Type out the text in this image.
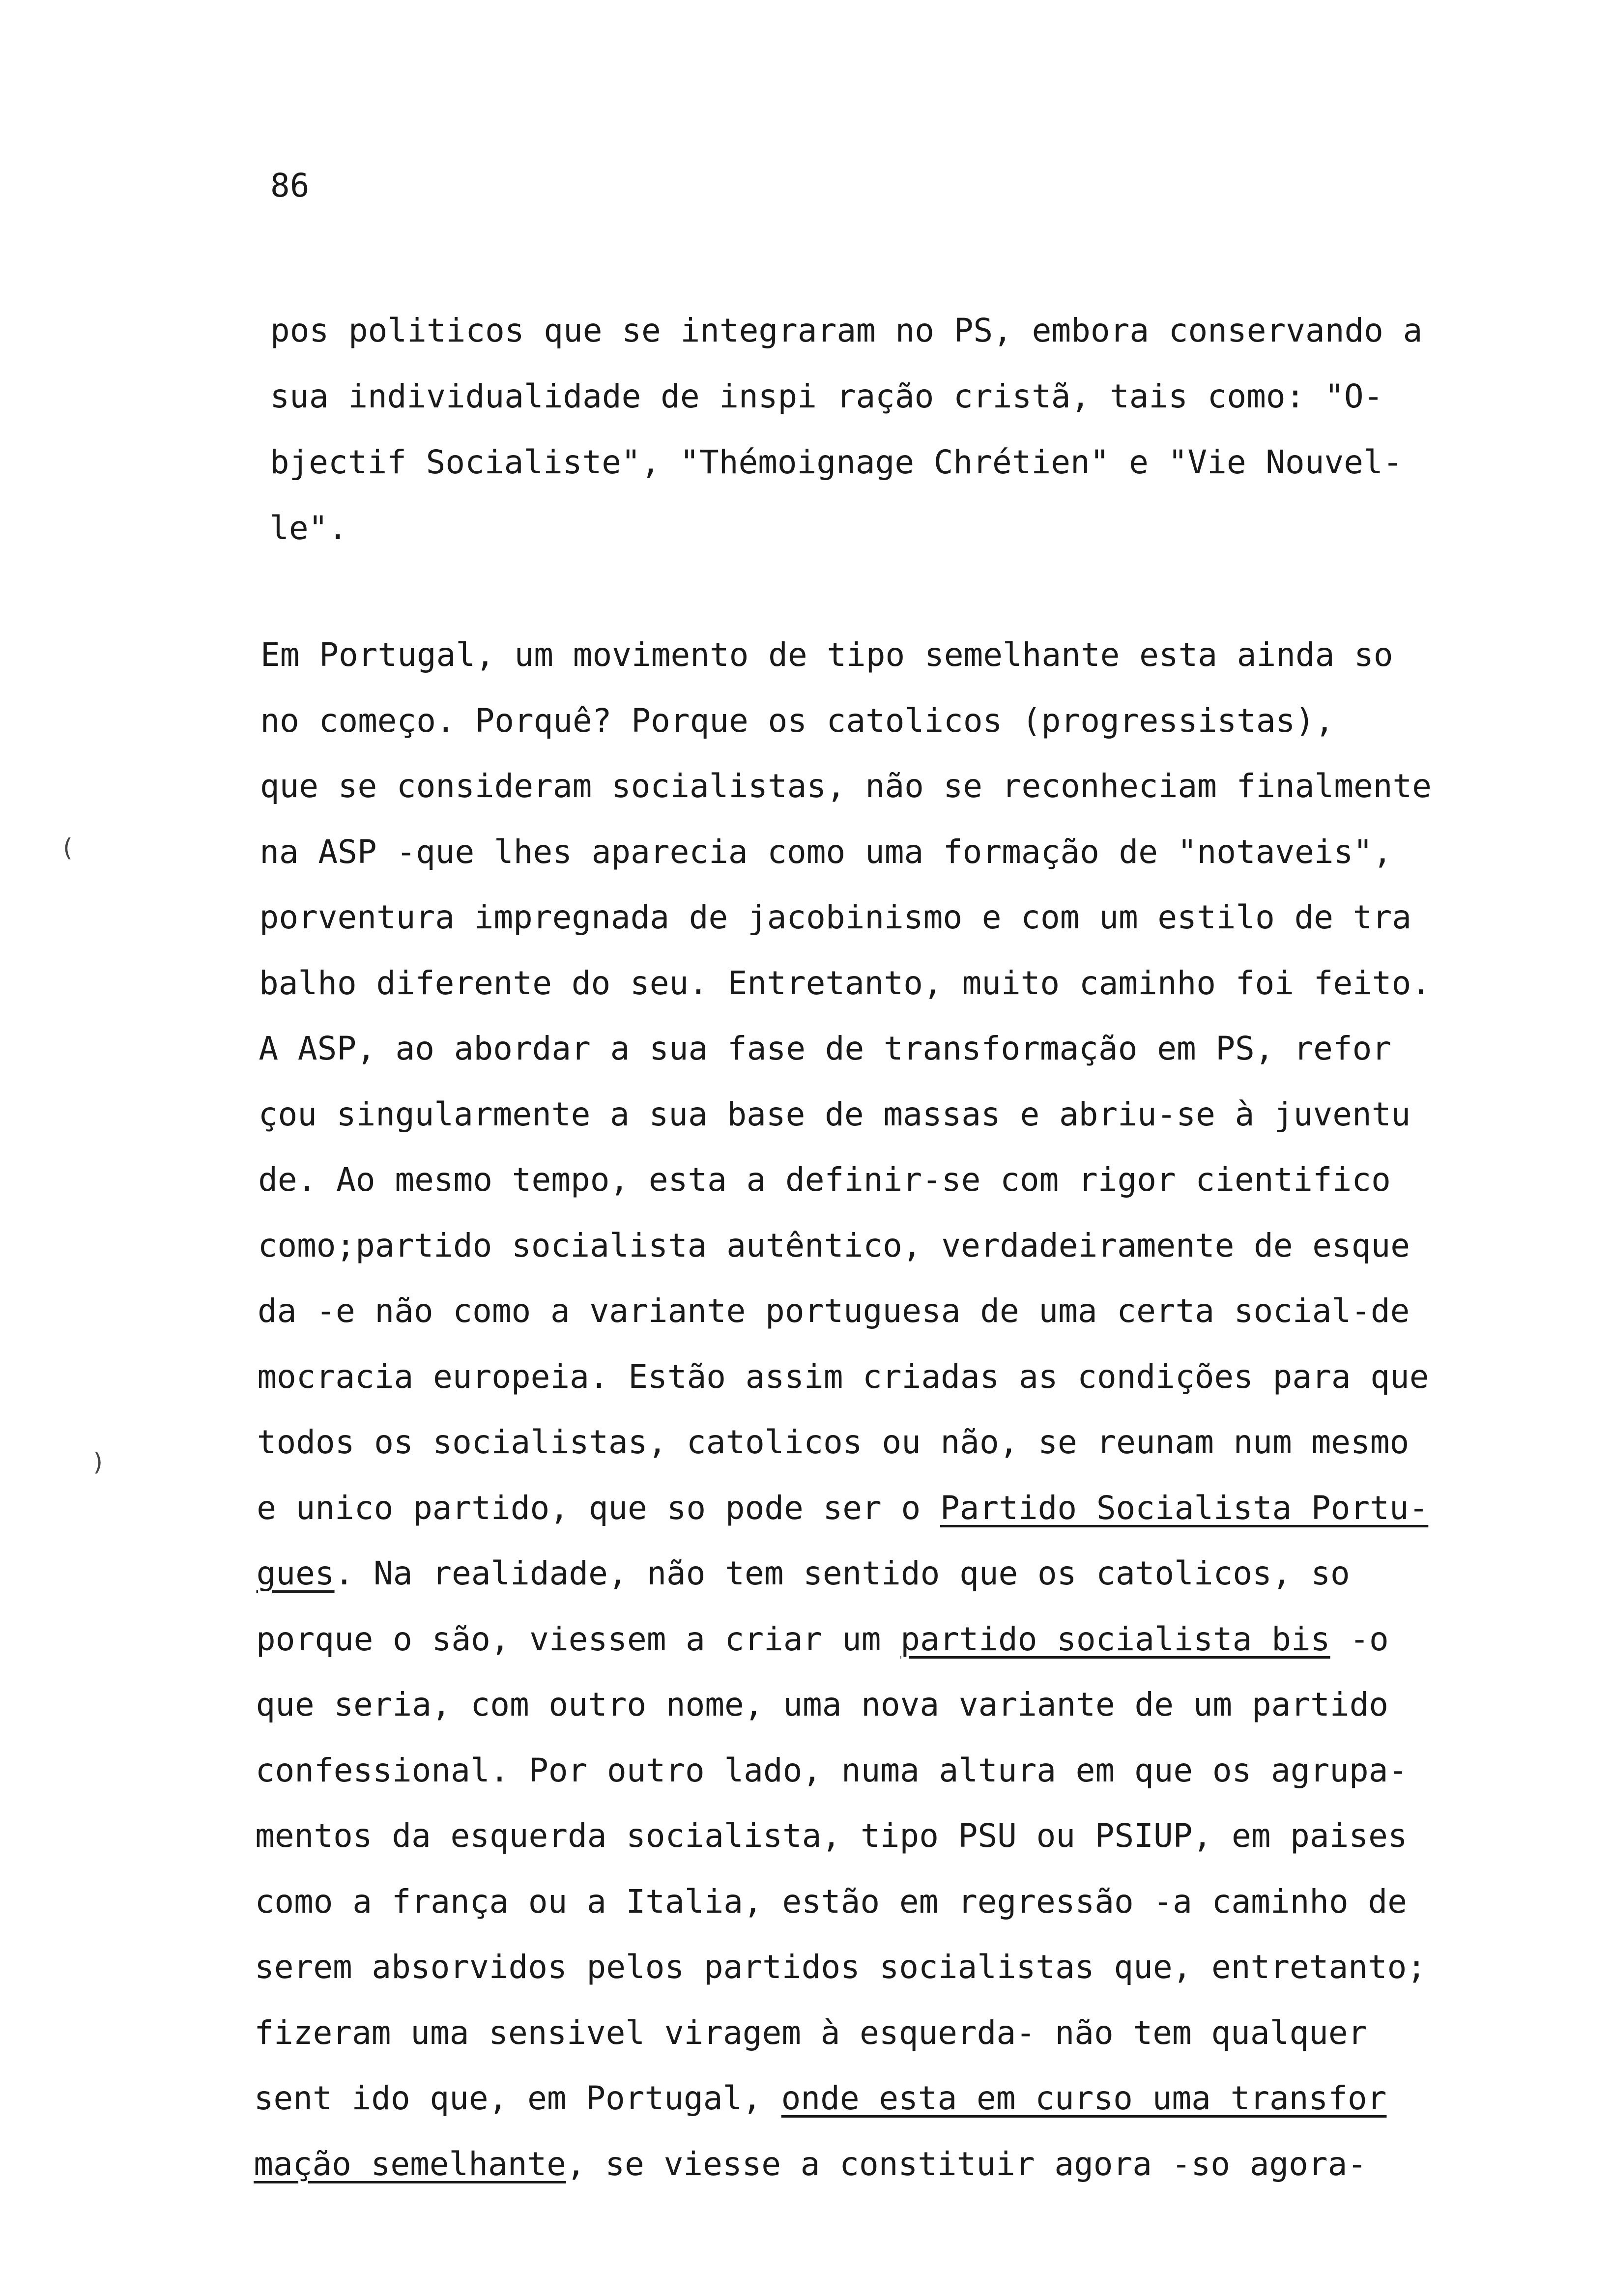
86
(
)
pos politicos que se integraram no PS, embora conservando a
sua individualidade de inspi ração cristã, tais como: "O-
bjectif Socialiste", "Thémoignage Chrétien" e "Vie Nouvel-
le".
Em Portugal, um movimento de tipo semelhante esta ainda so
no começo. Porquê? Porque os catolicos (progressistas),
que se consideram socialistas, não se reconheciam finalmente
na ASP -que lhes aparecia como uma formação de "notaveis",
porventura impregnada de jacobinismo e com um estilo de tra
balho diferente do seu. Entretanto, muito caminho foi feito.
A ASP, ao abordar a sua fase de transformação em PS, refor
çou singularmente a sua base de massas e abriu-se à juventu
de. Ao mesmo tempo, esta a definir-se com rigor cientifico
como;partido socialista autêntico, verdadeiramente de esque
da -e não como a variante portuguesa de uma certa social-de
mocracia europeia. Estão assim criadas as condições para que
todos os socialistas, catolicos ou não, se reunam num mesmo
e unico partido, que so pode ser o Partido Socialista Portu-
gues. Na realidade, não tem sentido que os catolicos, so
porque o são, viessem a criar um partido socialista bis -o
que seria, com outro nome, uma nova variante de um partido
confessional. Por outro lado, numa altura em que os agrupa-
mentos da esquerda socialista, tipo PSU ou PSIUP, em paises
como a frança ou a Italia, estão em regressão -a caminho de
serem absorvidos pelos partidos socialistas que, entretanto;
fizeram uma sensivel viragem à esquerda- não tem qualquer
sent ido que, em Portugal, onde esta em curso uma transfor
mação semelhante, se viesse a constituir agora -so agora-
